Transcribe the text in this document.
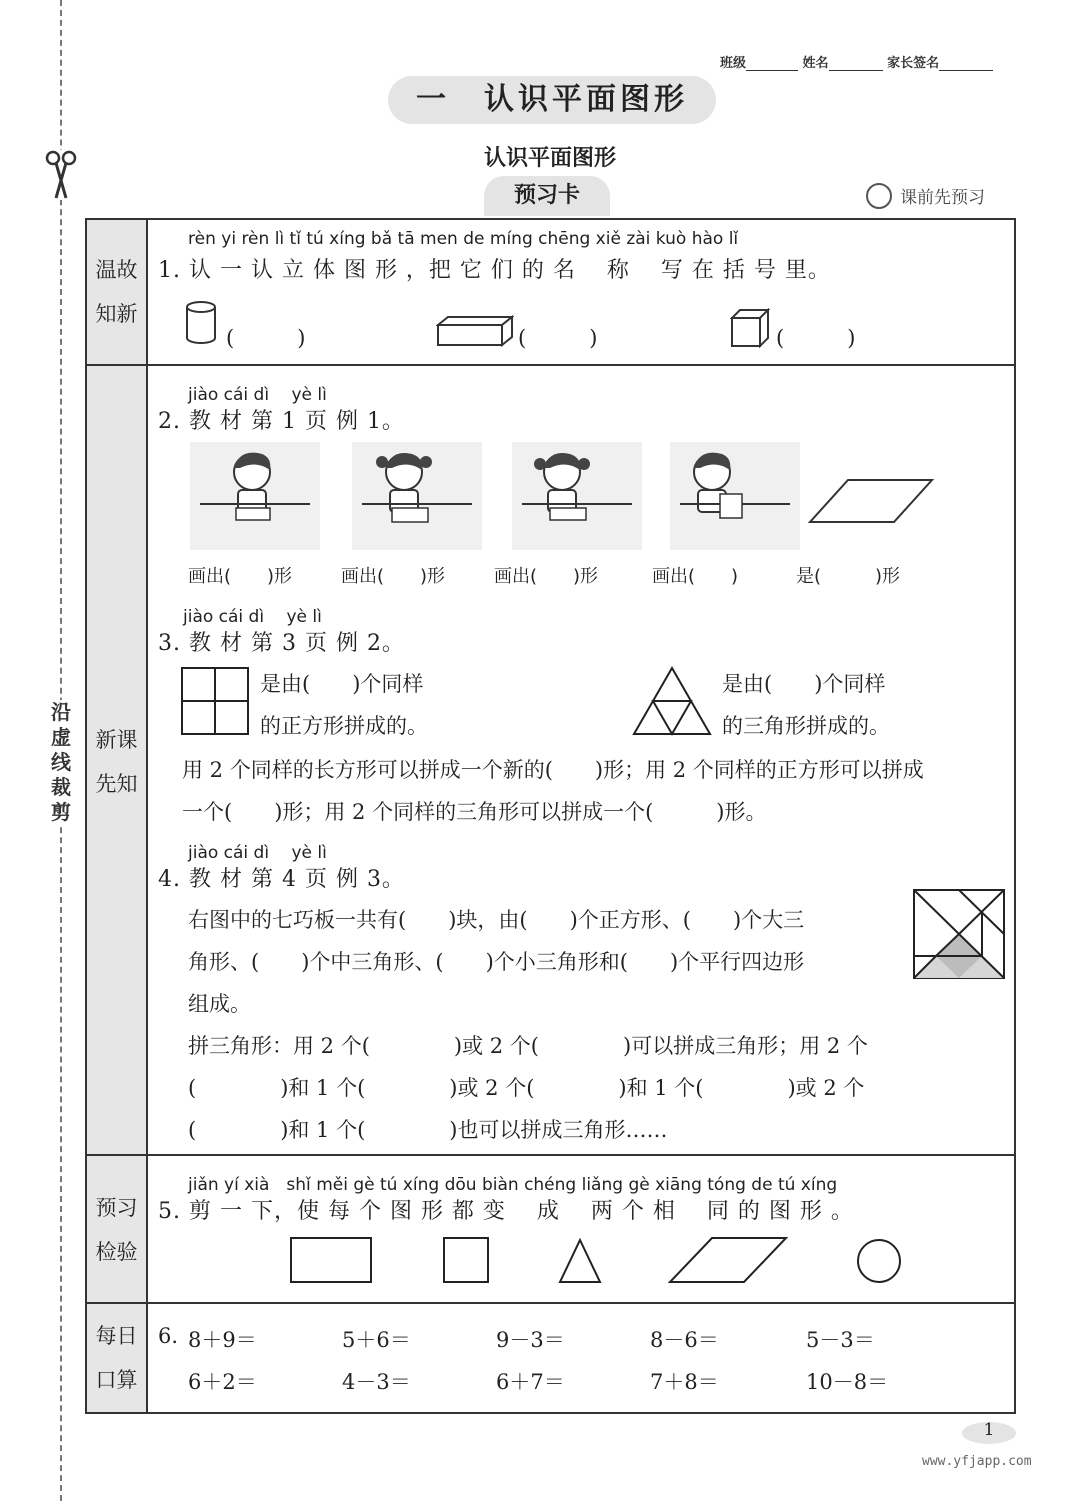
沿
虚
线
裁
剪
班级	姓名	家长签名
一　认识平面图形
认识平面图形
预习卡	课前先预习
温故
知新
新课
先知
预习
检验
每日
口算
rèn yi rèn lì tǐ tú xíng bǎ tā men de míng chēng xiě zài kuò hào lǐ
1. 认 一 认 立 体 图 形 ，把 它 们 的 名 　称 　写 在 括 号 里。
(　　　)	(　　　)	(　　　)
jiào cái dì　 yè lì
2. 教 材 第 1 页 例 1。
画出(　　)形	画出(　　)形	画出(　　)形	画出(　　)	是(　　　)形
jiào cái dì　 yè lì
3. 教 材 第 3 页 例 2。
是由(　　)个同样
的正方形拼成的。
是由(　　)个同样
的三角形拼成的。
用 2 个同样的长方形可以拼成一个新的(　　)形；用 2 个同样的正方形可以拼成
一个(　　)形；用 2 个同样的三角形可以拼成一个(　　　)形。
jiào cái dì　 yè lì
4. 教 材 第 4 页 例 3。
右图中的七巧板一共有(　　)块，由(　　)个正方形、(　　)个大三
角形、(　　)个中三角形、(　　)个小三角形和(　　)个平行四边形
组成。
拼三角形：用 2 个(　　　　)或 2 个(　　　　)可以拼成三角形；用 2 个
(　　　　)和 1 个(　　　　)或 2 个(　　　　)和 1 个(　　　　)或 2 个
(　　　　)和 1 个(　　　　)也可以拼成三角形……
jiǎn yí xià　shǐ měi gè tú xíng dōu biàn chéng liǎng gè xiāng tóng de tú xíng
5. 剪 一 下，使 每 个 图 形 都 变 　成 　两 个 相 　同 的 图 形 。
6. 8＋9＝	5＋6＝	9－3＝	8－6＝	5－3＝
6＋2＝	4－3＝	6＋7＝	7＋8＝	10－8＝
1
www.yfjapp.com
